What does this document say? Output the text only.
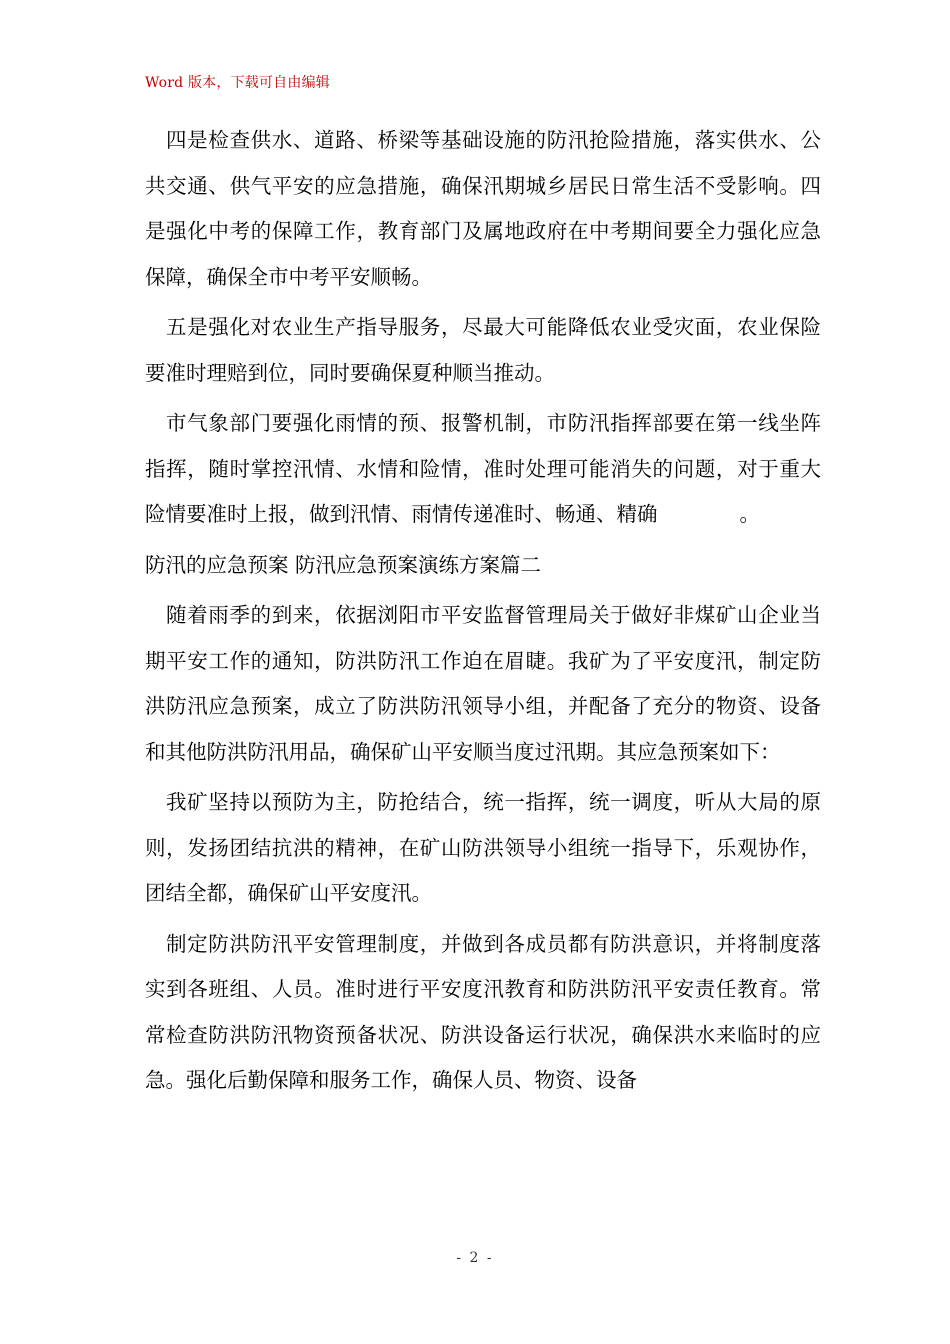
Word 版本，下载可自由编辑

四是检查供水、道路、桥梁等基础设施的防汛抢险措施，落实供水、公共交通、供气平安的应急措施，确保汛期城乡居民日常生活不受影响。四是强化中考的保障工作，教育部门及属地政府在中考期间要全力强化应急保障，确保全市中考平安顺畅。

五是强化对农业生产指导服务，尽最大可能降低农业受灾面，农业保险要准时理赔到位，同时要确保夏种顺当推动。

市气象部门要强化雨情的预、报警机制，市防汛指挥部要在第一线坐阵指挥，随时掌控汛情、水情和险情，准时处理可能消失的问题，对于重大险情要准时上报，做到汛情、雨情传递准时、畅通、精确　　　　。

防汛的应急预案 防汛应急预案演练方案篇二

随着雨季的到来，依据浏阳市平安监督管理局关于做好非煤矿山企业当期平安工作的通知，防洪防汛工作迫在眉睫。我矿为了平安度汛，制定防洪防汛应急预案，成立了防洪防汛领导小组，并配备了充分的物资、设备和其他防洪防汛用品，确保矿山平安顺当度过汛期。其应急预案如下：

我矿坚持以预防为主，防抢结合，统一指挥，统一调度，听从大局的原则，发扬团结抗洪的精神，在矿山防洪领导小组统一指导下，乐观协作，团结全都，确保矿山平安度汛。

制定防洪防汛平安管理制度，并做到各成员都有防洪意识，并将制度落实到各班组、人员。准时进行平安度汛教育和防洪防汛平安责任教育。常常检查防洪防汛物资预备状况、防洪设备运行状况，确保洪水来临时的应急。强化后勤保障和服务工作，确保人员、物资、设备

- 2 -
